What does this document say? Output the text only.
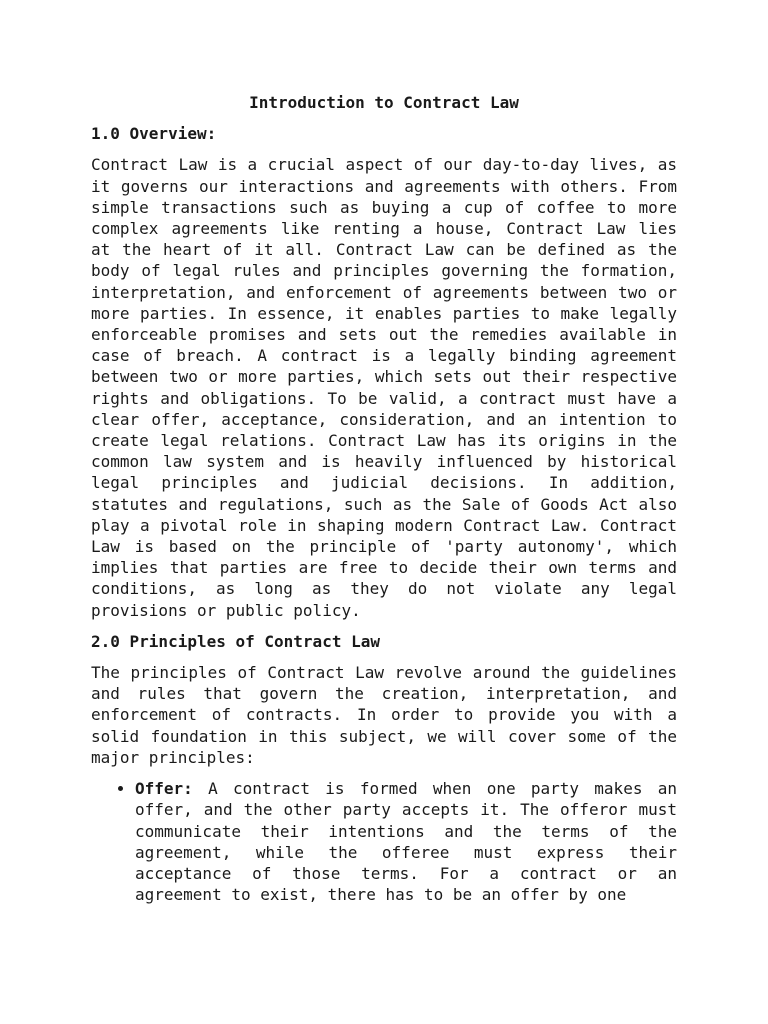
Introduction to Contract Law
1.0 Overview:
Contract Law is a crucial aspect of our day-to-day lives, as it governs our interactions and agreements with others. From simple transactions such as buying a cup of coffee to more complex agreements like renting a house, Contract Law lies at the heart of it all. Contract Law can be defined as the body of legal rules and principles governing the formation, interpretation, and enforcement of agreements between two or more parties. In essence, it enables parties to make legally enforceable promises and sets out the remedies available in case of breach. A contract is a legally binding agreement between two or more parties, which sets out their respective rights and obligations. To be valid, a contract must have a clear offer, acceptance, consideration, and an intention to create legal relations. Contract Law has its origins in the common law system and is heavily influenced by historical legal principles and judicial decisions. In addition, statutes and regulations, such as the Sale of Goods Act also play a pivotal role in shaping modern Contract Law. Contract Law is based on the principle of 'party autonomy', which implies that parties are free to decide their own terms and conditions, as long as they do not violate any legal provisions or public policy.
2.0 Principles of Contract Law
The principles of Contract Law revolve around the guidelines and rules that govern the creation, interpretation, and enforcement of contracts. In order to provide you with a solid foundation in this subject, we will cover some of the major principles:
• Offer: A contract is formed when one party makes an offer, and the other party accepts it. The offeror must communicate their intentions and the terms of the agreement, while the offeree must express their acceptance of those terms. For a contract or an agreement to exist, there has to be an offer by one
